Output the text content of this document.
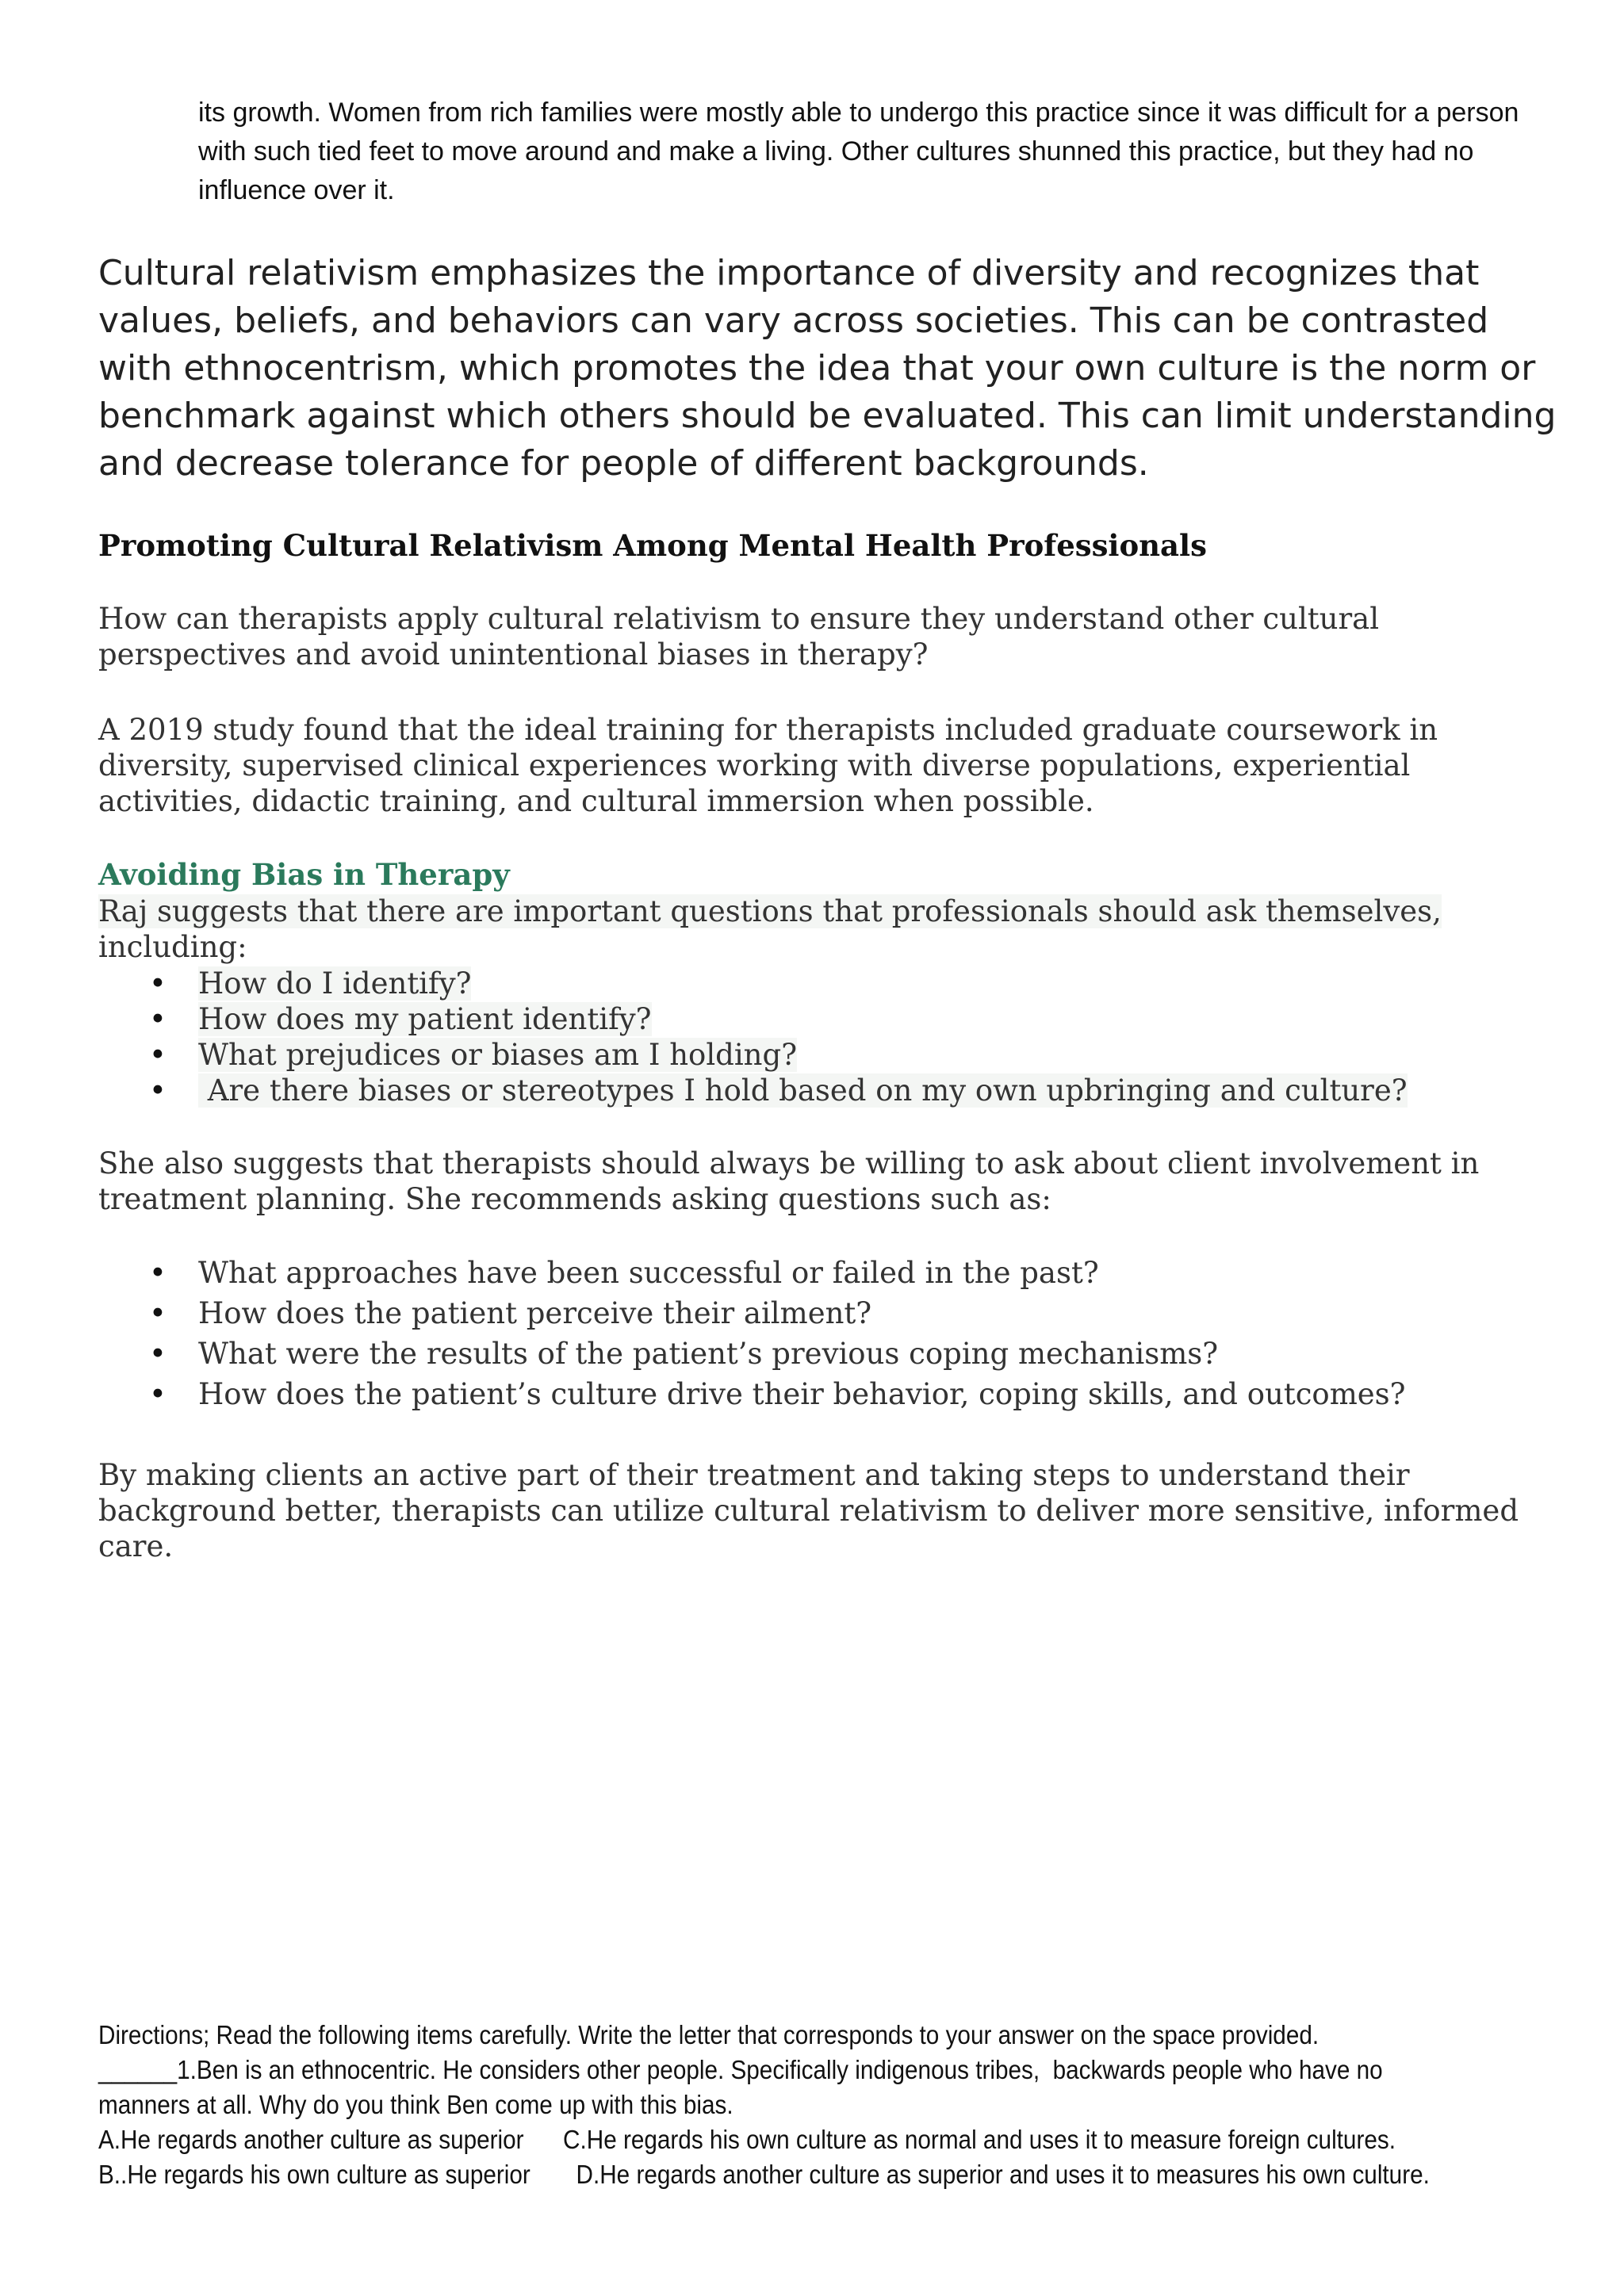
its growth. Women from rich families were mostly able to undergo this practice since it was difficult for a person with such tied feet to move around and make a living. Other cultures shunned this practice, but they had no influence over it.

Cultural relativism emphasizes the importance of diversity and recognizes that values, beliefs, and behaviors can vary across societies. This can be contrasted with ethnocentrism, which promotes the idea that your own culture is the norm or benchmark against which others should be evaluated. This can limit understanding and decrease tolerance for people of different backgrounds.

Promoting Cultural Relativism Among Mental Health Professionals

How can therapists apply cultural relativism to ensure they understand other cultural perspectives and avoid unintentional biases in therapy?

A 2019 study found that the ideal training for therapists included graduate coursework in diversity, supervised clinical experiences working with diverse populations, experiential activities, didactic training, and cultural immersion when possible.

Avoiding Bias in Therapy

Raj suggests that there are important questions that professionals should ask themselves,
including:

• How do I identify?
• How does my patient identify?
• What prejudices or biases am I holding?
• Are there biases or stereotypes I hold based on my own upbringing and culture?

She also suggests that therapists should always be willing to ask about client involvement in treatment planning. She recommends asking questions such as:

• What approaches have been successful or failed in the past?
• How does the patient perceive their ailment?
• What were the results of the patient’s previous coping mechanisms?
• How does the patient’s culture drive their behavior, coping skills, and outcomes?

By making clients an active part of their treatment and taking steps to understand their background better, therapists can utilize cultural relativism to deliver more sensitive, informed care.

Directions; Read the following items carefully. Write the letter that corresponds to your answer on the space provided.

______1.Ben is an ethnocentric. He considers other people. Specifically indigenous tribes,  backwards people who have no

manners at all. Why do you think Ben come up with this bias.

A.He regards another culture as superior C.He regards his own culture as normal and uses it to measure foreign cultures.

B..He regards his own culture as superior D.He regards another culture as superior and uses it to measures his own culture.
